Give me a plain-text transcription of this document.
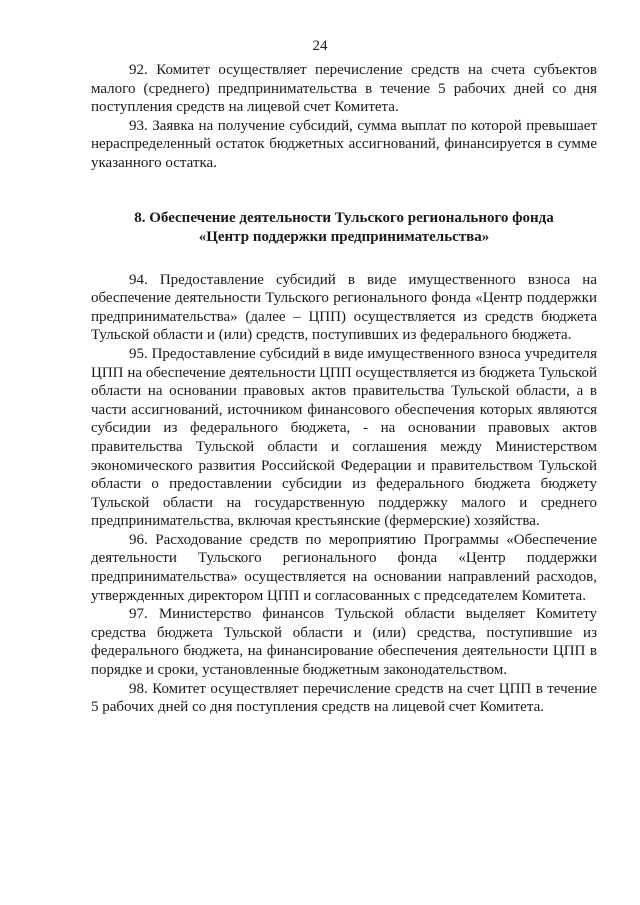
24

92. Комитет осуществляет перечисление средств на счета субъектов малого (среднего) предпринимательства в течение 5 рабочих дней со дня поступления средств на лицевой счет Комитета.

93. Заявка на получение субсидий, сумма выплат по которой превышает нераспределенный остаток бюджетных ассигнований, финансируется в сумме указанного остатка.

8. Обеспечение деятельности Тульского регионального фонда
«Центр поддержки предпринимательства»

94. Предоставление субсидий в виде имущественного взноса на обеспечение деятельности Тульского регионального фонда «Центр поддержки предпринимательства» (далее – ЦПП) осуществляется из средств бюджета Тульской области и (или) средств, поступивших из федерального бюджета.

95. Предоставление субсидий в виде имущественного взноса учредителя ЦПП на обеспечение деятельности ЦПП осуществляется из бюджета Тульской области на основании правовых актов правительства Тульской области, а в части ассигнований, источником финансового обеспечения которых являются субсидии из федерального бюджета, - на основании правовых актов правительства Тульской области и соглашения между Министерством экономического развития Российской Федерации и правительством Тульской области о предоставлении субсидии из федерального бюджета бюджету Тульской области на государственную поддержку малого и среднего предпринимательства, включая крестьянские (фермерские) хозяйства.

96. Расходование средств по мероприятию Программы «Обеспечение деятельности Тульского регионального фонда «Центр поддержки предпринимательства» осуществляется на основании направлений расходов, утвержденных директором ЦПП и согласованных с председателем Комитета.

97. Министерство финансов Тульской области выделяет Комитету средства бюджета Тульской области и (или) средства, поступившие из федерального бюджета, на финансирование обеспечения деятельности ЦПП в порядке и сроки, установленные бюджетным законодательством.

98. Комитет осуществляет перечисление средств на счет ЦПП в течение 5 рабочих дней со дня поступления средств на лицевой счет Комитета.
